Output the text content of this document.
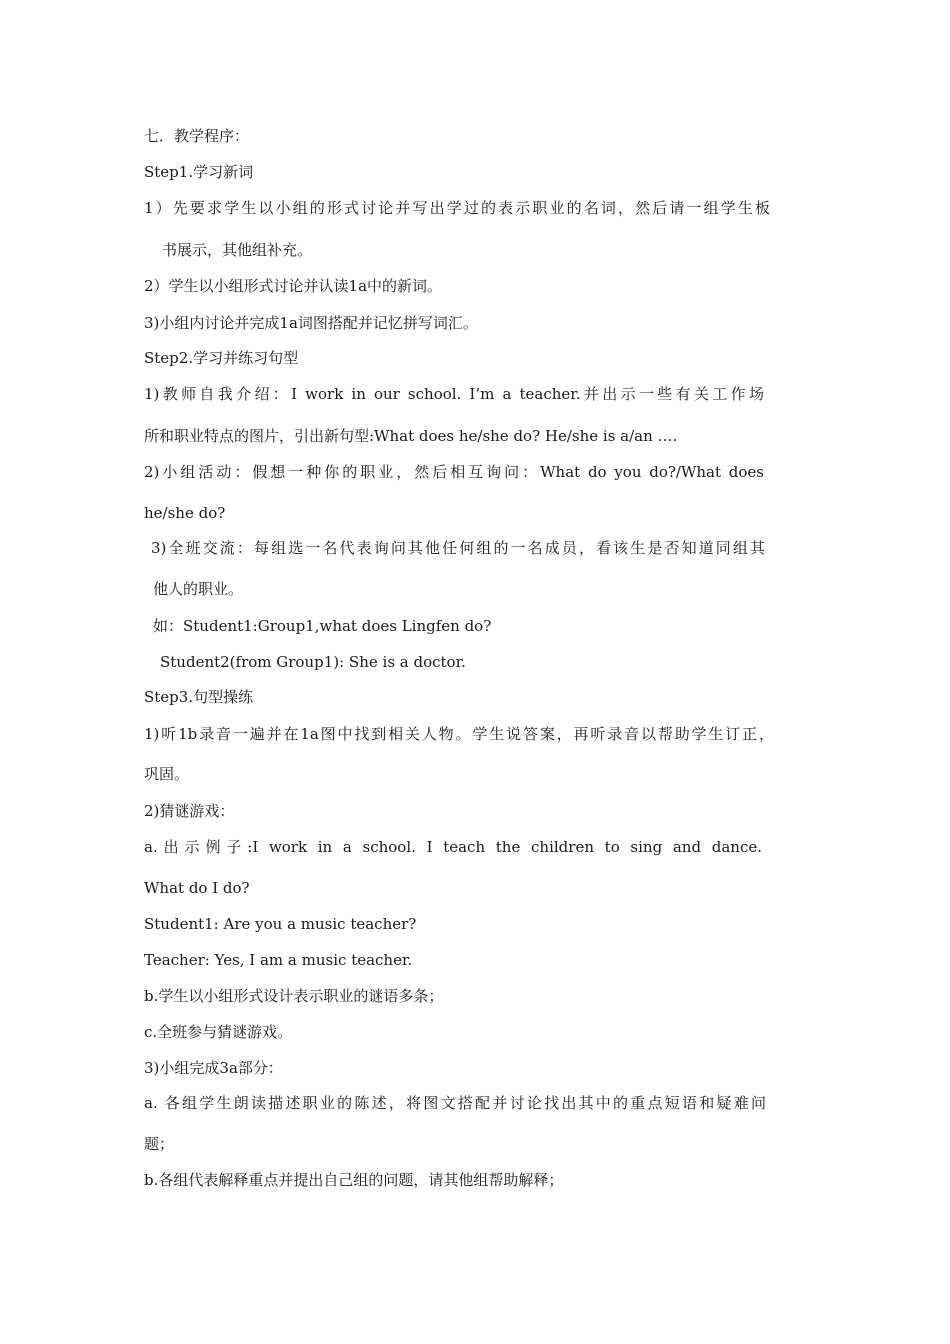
七．教学程序：
Step1.学习新词
1）先要求学生以小组的形式讨论并写出学过的表示职业的名词，然后请一组学生板
书展示，其他组补充。
2）学生以小组形式讨论并认读1a中的新词。
3)小组内讨论并完成1a词图搭配并记忆拼写词汇。
Step2.学习并练习句型
1)教师自我介绍：I work in our school. I’m a teacher.并出示一些有关工作场
所和职业特点的图片，引出新句型:What does he/she do? He/she is a/an ….
2)小组活动：假想一种你的职业，然后相互询问：What do you do?/What does
he/she do?
3)全班交流：每组选一名代表询问其他任何组的一名成员，看该生是否知道同组其
他人的职业。
如：Student1:Group1,what does Lingfen do?
Student2(from Group1): She is a doctor.
Step3.句型操练
1)听1b录音一遍并在1a图中找到相关人物。学生说答案，再听录音以帮助学生订正，
巩固。
2)猜谜游戏：
a.出示例子:I work in a school. I teach the children to sing and dance.
What do I do?
Student1: Are you a music teacher?
Teacher: Yes, I am a music teacher.
b.学生以小组形式设计表示职业的谜语多条；
c.全班参与猜谜游戏。
3)小组完成3a部分：
a. 各组学生朗读描述职业的陈述，将图文搭配并讨论找出其中的重点短语和疑难问
题；
b.各组代表解释重点并提出自己组的问题，请其他组帮助解释；
